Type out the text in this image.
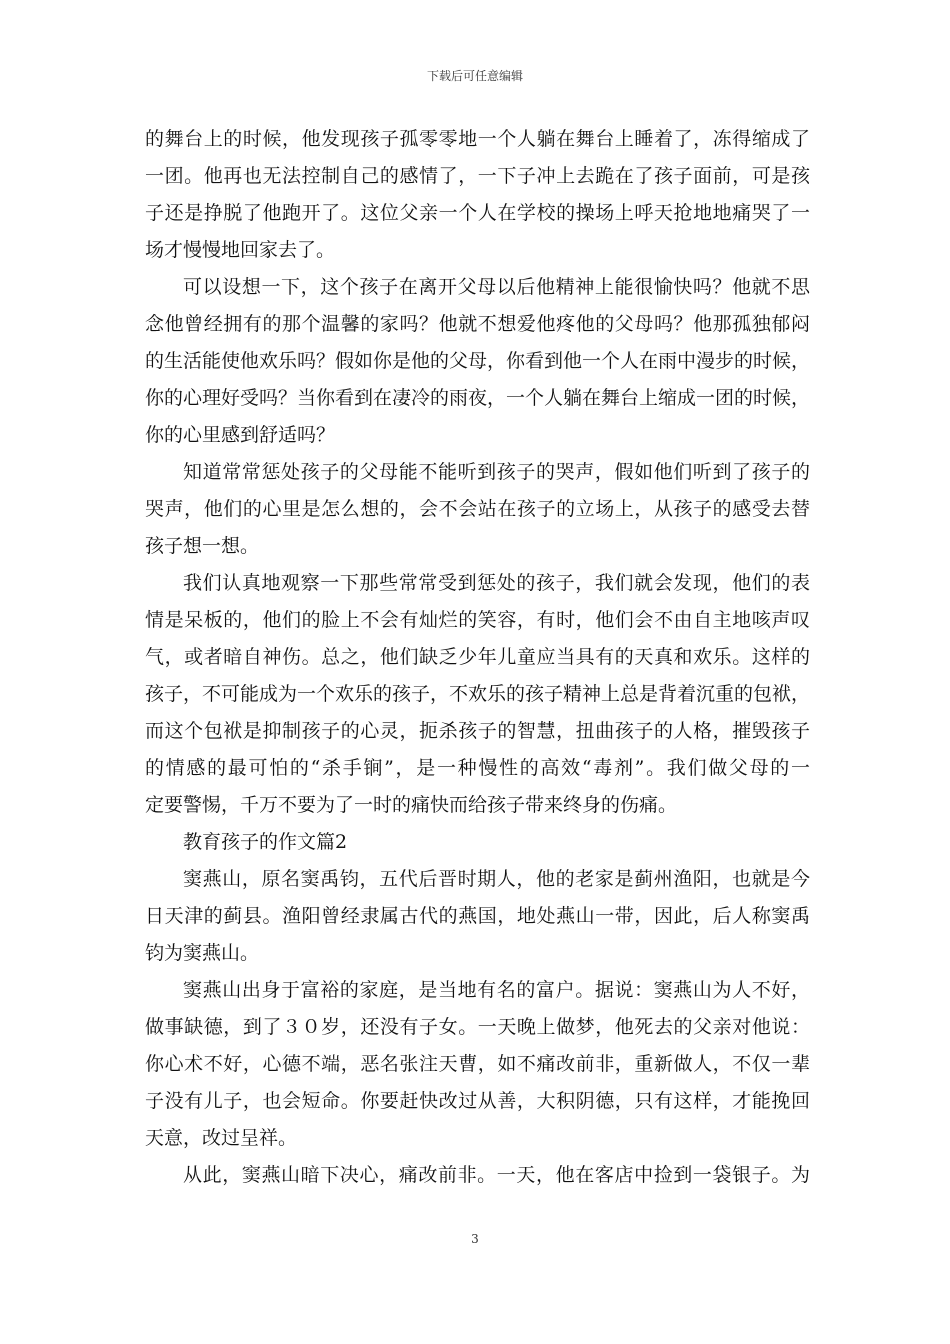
下载后可任意编辑
的舞台上的时候，他发现孩子孤零零地一个人躺在舞台上睡着了，冻得缩成了
一团。他再也无法控制自己的感情了，一下子冲上去跪在了孩子面前，可是孩
子还是挣脱了他跑开了。这位父亲一个人在学校的操场上呼天抢地地痛哭了一
场才慢慢地回家去了。
可以设想一下，这个孩子在离开父母以后他精神上能很愉快吗？他就不思
念他曾经拥有的那个温馨的家吗？他就不想爱他疼他的父母吗？他那孤独郁闷
的生活能使他欢乐吗？假如你是他的父母，你看到他一个人在雨中漫步的时候，
你的心理好受吗？当你看到在凄冷的雨夜，一个人躺在舞台上缩成一团的时候，
你的心里感到舒适吗？
知道常常惩处孩子的父母能不能听到孩子的哭声，假如他们听到了孩子的
哭声，他们的心里是怎么想的，会不会站在孩子的立场上，从孩子的感受去替
孩子想一想。
我们认真地观察一下那些常常受到惩处的孩子，我们就会发现，他们的表
情是呆板的，他们的脸上不会有灿烂的笑容，有时，他们会不由自主地咳声叹
气，或者暗自神伤。总之，他们缺乏少年儿童应当具有的天真和欢乐。这样的
孩子，不可能成为一个欢乐的孩子，不欢乐的孩子精神上总是背着沉重的包袱，
而这个包袱是抑制孩子的心灵，扼杀孩子的智慧，扭曲孩子的人格，摧毁孩子
的情感的最可怕的“杀手锏”，是一种慢性的高效“毒剂”。我们做父母的一
定要警惕，千万不要为了一时的痛快而给孩子带来终身的伤痛。
教育孩子的作文篇2
窦燕山，原名窦禹钧，五代后晋时期人，他的老家是蓟州渔阳，也就是今
日天津的蓟县。渔阳曾经隶属古代的燕国，地处燕山一带，因此，后人称窦禹
钧为窦燕山。
窦燕山出身于富裕的家庭，是当地有名的富户。据说：窦燕山为人不好，
做事缺德，到了３０岁，还没有子女。一天晚上做梦，他死去的父亲对他说：
你心术不好，心德不端，恶名张注天曹，如不痛改前非，重新做人，不仅一辈
子没有儿子，也会短命。你要赶快改过从善，大积阴德，只有这样，才能挽回
天意，改过呈祥。
从此，窦燕山暗下决心，痛改前非。一天，他在客店中捡到一袋银子。为
3
